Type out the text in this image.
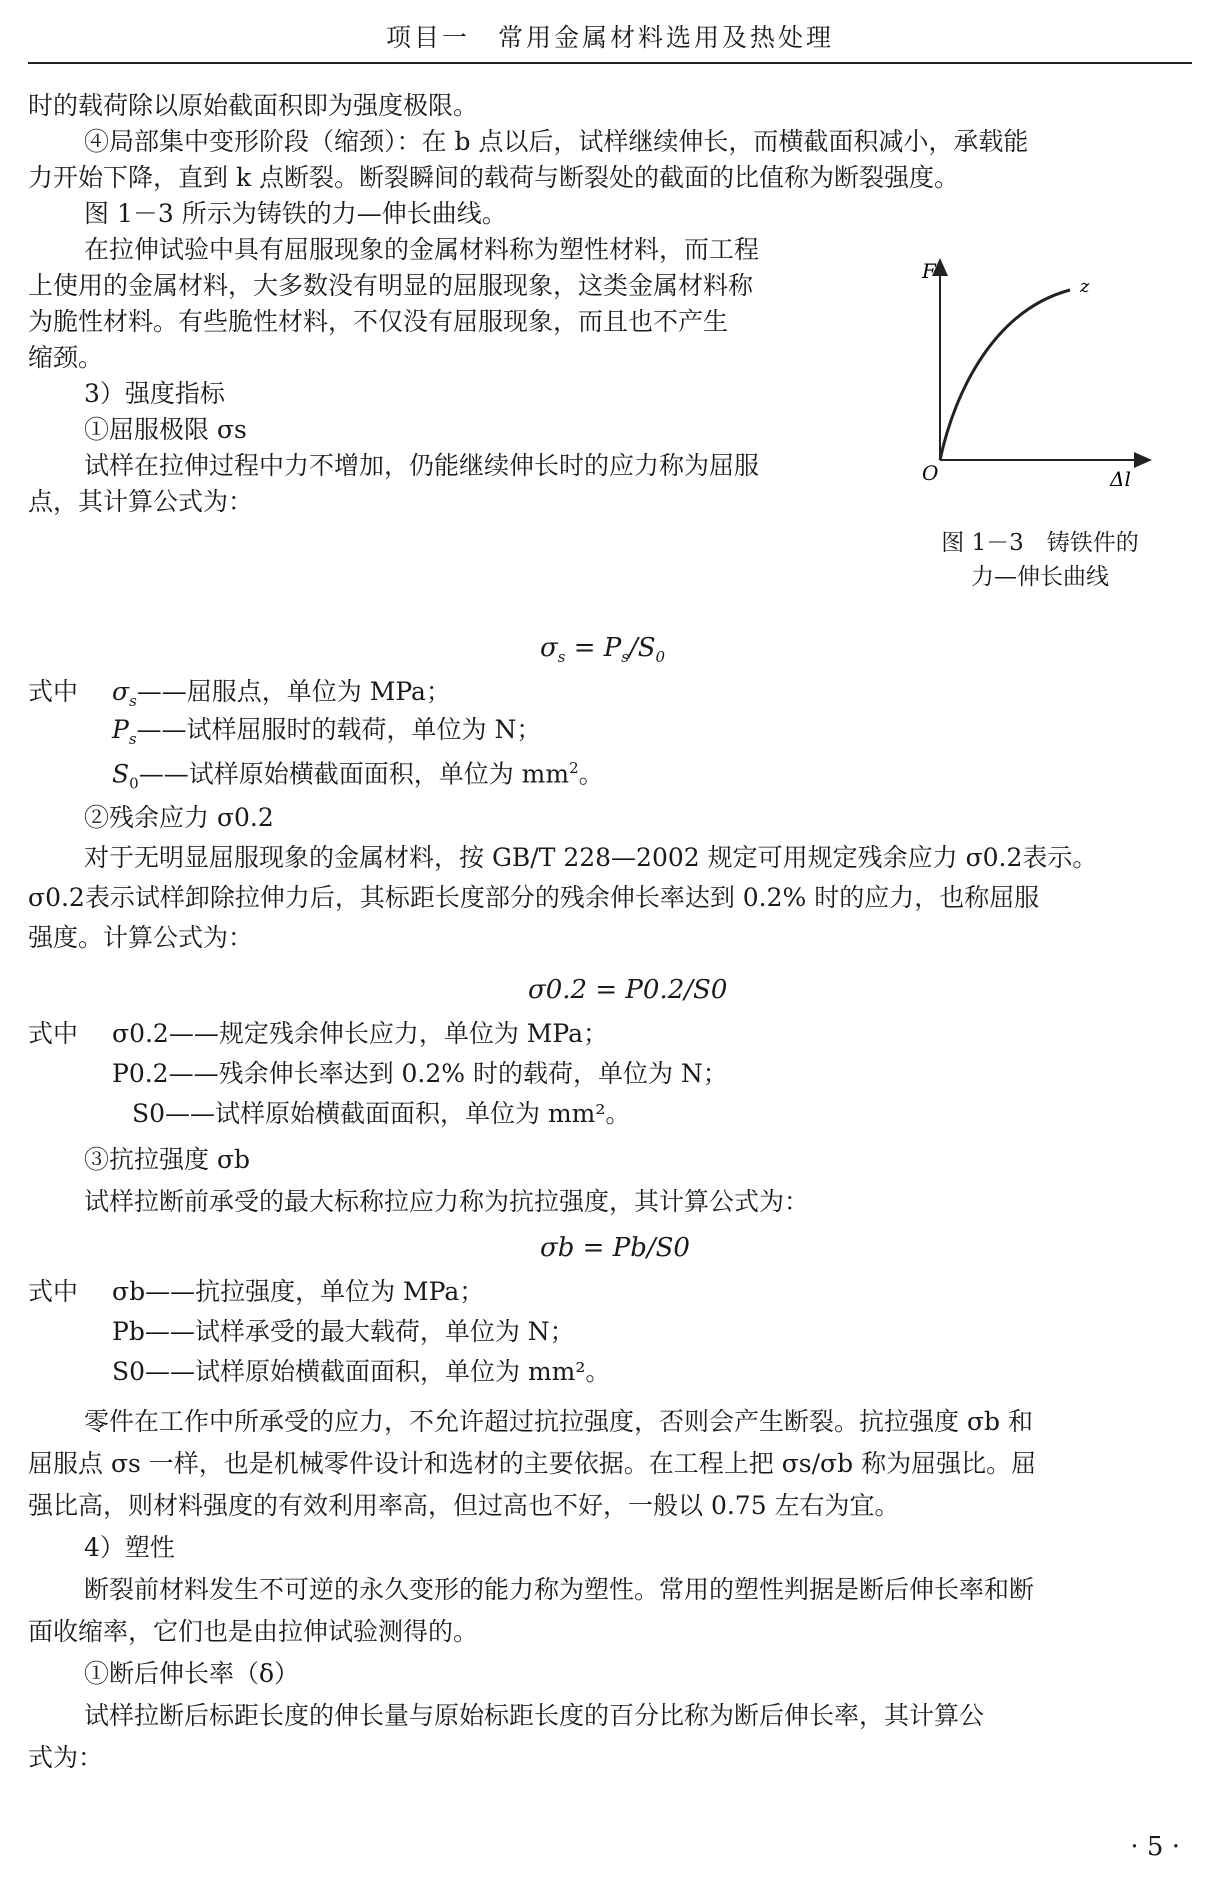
项目一　常用金属材料选用及热处理
时的载荷除以原始截面积即为强度极限。
④局部集中变形阶段（缩颈）：在 b 点以后，试样继续伸长，而横截面积减小，承载能
力开始下降，直到 k 点断裂。断裂瞬间的载荷与断裂处的截面的比值称为断裂强度。
图 1－3 所示为铸铁的力—伸长曲线。
在拉伸试验中具有屈服现象的金属材料称为塑性材料，而工程
上使用的金属材料，大多数没有明显的屈服现象，这类金属材料称
为脆性材料。有些脆性材料，不仅没有屈服现象，而且也不产生
缩颈。
3）强度指标
①屈服极限 σs
试样在拉伸过程中力不增加，仍能继续伸长时的应力称为屈服
点，其计算公式为：
F
z
O	Δl
图 1－3　铸铁件的
力—伸长曲线
$\sigma_s = P_s/S_0$
式中 $\sigma_s——$屈服点，单位为 MPa；
$P_s——$试样屈服时的载荷，单位为 N；
$S_0——$试样原始横截面面积，单位为 $mm^2$。
②残余应力 σ0.2
对于无明显屈服现象的金属材料，按 GB/T 228—2002 规定可用规定残余应力 σ0.2表示。
σ0.2表示试样卸除拉伸力后，其标距长度部分的残余伸长率达到 0.2% 时的应力，也称屈服
强度。计算公式为：
σ0.2 = P0.2/S0
式中 σ0.2——规定残余伸长应力，单位为 MPa；
P0.2——残余伸长率达到 0.2% 时的载荷，单位为 N；
S0——试样原始横截面面积，单位为 mm²。
③抗拉强度 σb
试样拉断前承受的最大标称拉应力称为抗拉强度，其计算公式为：
σb = Pb/S0
式中 σb——抗拉强度，单位为 MPa；
Pb——试样承受的最大载荷，单位为 N；
S0——试样原始横截面面积，单位为 mm²。
零件在工作中所承受的应力，不允许超过抗拉强度，否则会产生断裂。抗拉强度 σb 和
屈服点 σs 一样，也是机械零件设计和选材的主要依据。在工程上把 σs/σb 称为屈强比。屈
强比高，则材料强度的有效利用率高，但过高也不好，一般以 0.75 左右为宜。
4）塑性
断裂前材料发生不可逆的永久变形的能力称为塑性。常用的塑性判据是断后伸长率和断
面收缩率，它们也是由拉伸试验测得的。
①断后伸长率（δ）
试样拉断后标距长度的伸长量与原始标距长度的百分比称为断后伸长率，其计算公
式为：
· 5 ·
